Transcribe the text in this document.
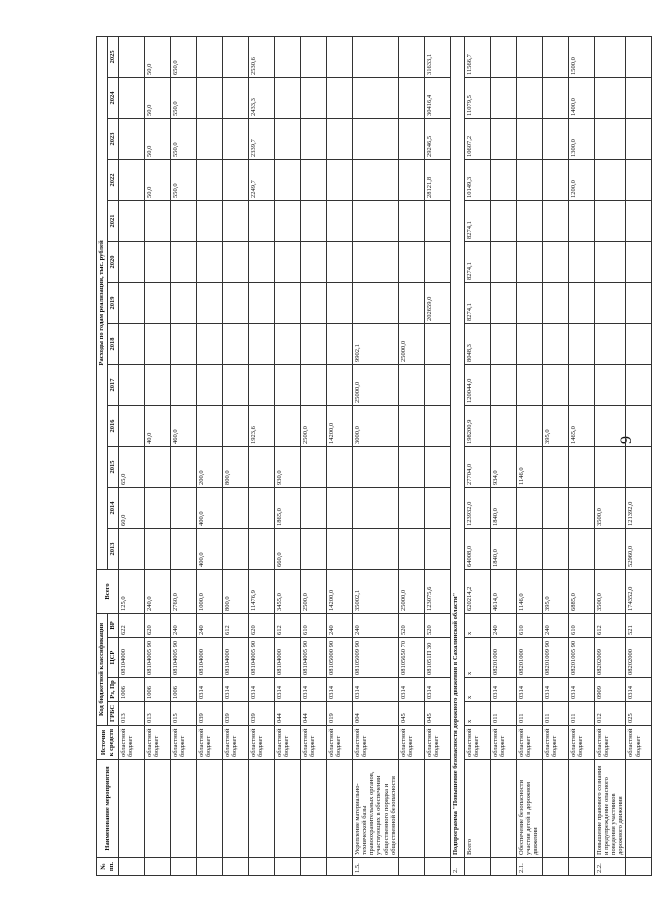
9
№ пп.	Наименование мероприятия	Источник средств	Код бюджетной классификации				Всего	Расходы по годам реализации, тыс. рублей												
			ГРБС	Рз, Пр	ЦСР	ВР		2013	2014	2015	2016	2017	2018	2019	2020	2021	2022	2023	2024	2025

		областной бюджет	013	1006	08104000	622	125,0		60,0	65,0										
		областной бюджет	013	1006	08104005 90	620	240,0				40,0						50,0	50,0	50,0	50,0
		областной бюджет	015	1006	08104005 90	240	2760,0				460,0						550,0	550,0	550,0	650,0
		областной бюджет	039	0314	08104000	240	1000,0	400,0	400,0	200,0										
		областной бюджет	039	0314	08104000	612	800,0			800,0										
		областной бюджет	039	0314	08104005 90	620	11476,9				1923,6						2249,7	2339,7	2433,3	2530,6
		областной бюджет	044	0314	08104000	612	3455,0	660,0	1865,0	930,0										
		областной бюджет	044	0314	08104005 90	610	2500,0				2500,0									
		областной бюджет	019	0314	08105000 90	240	14200,0				14200,0									
1.5.	Укрепление материально-технической базы правоохранительных органов, участвующих в обеспечении общественного порядка и общественной безопасности	областной бюджет	004	0314	08105009 90	240	35002,1				3000,0	25000,0	9902,1							
		областной бюджет	045	0314	08105650 70	520	25000,0						25000,0							
		областной бюджет	045	0314	081051П 30	520	123075,6							202659,0			28121,8	29246,5	30416,4	31633,1
2.	Подпрограмма "Повышение безопасности дорожного движения в Сахалинской области"																			
	Всего	областной бюджет	x	x	x	x	620214,2	64008,0	123932,0	27704,0	198200,9	120044,0	8048,3	8274,1	8274,1	8274,1	10149,3	10607,2	11079,5	11566,7
		областной бюджет	011	0314	08201000	240	4614,0	1840,0	1840,0	934,0										
2.1.	Обеспечение безопасности участия детей в дорожном движении	областной бюджет	011	0314	08201000	610	1146,0			1146,0										
		областной бюджет	011	0314	08201009 90	240	395,0				395,0									
		областной бюджет	011	0314	08201005 90	610	6885,0				1465,0						1200,0	1300,0	1400,0	1500,0
2.2.	Повышение правового сознания и предупреждение опасного поведения участников дорожного движения	областной бюджет	012	0909	08202009	612	3500,0		3500,0											
		областной бюджет	025	0314	08202000	521	174352,0	52960,0	121392,0											
